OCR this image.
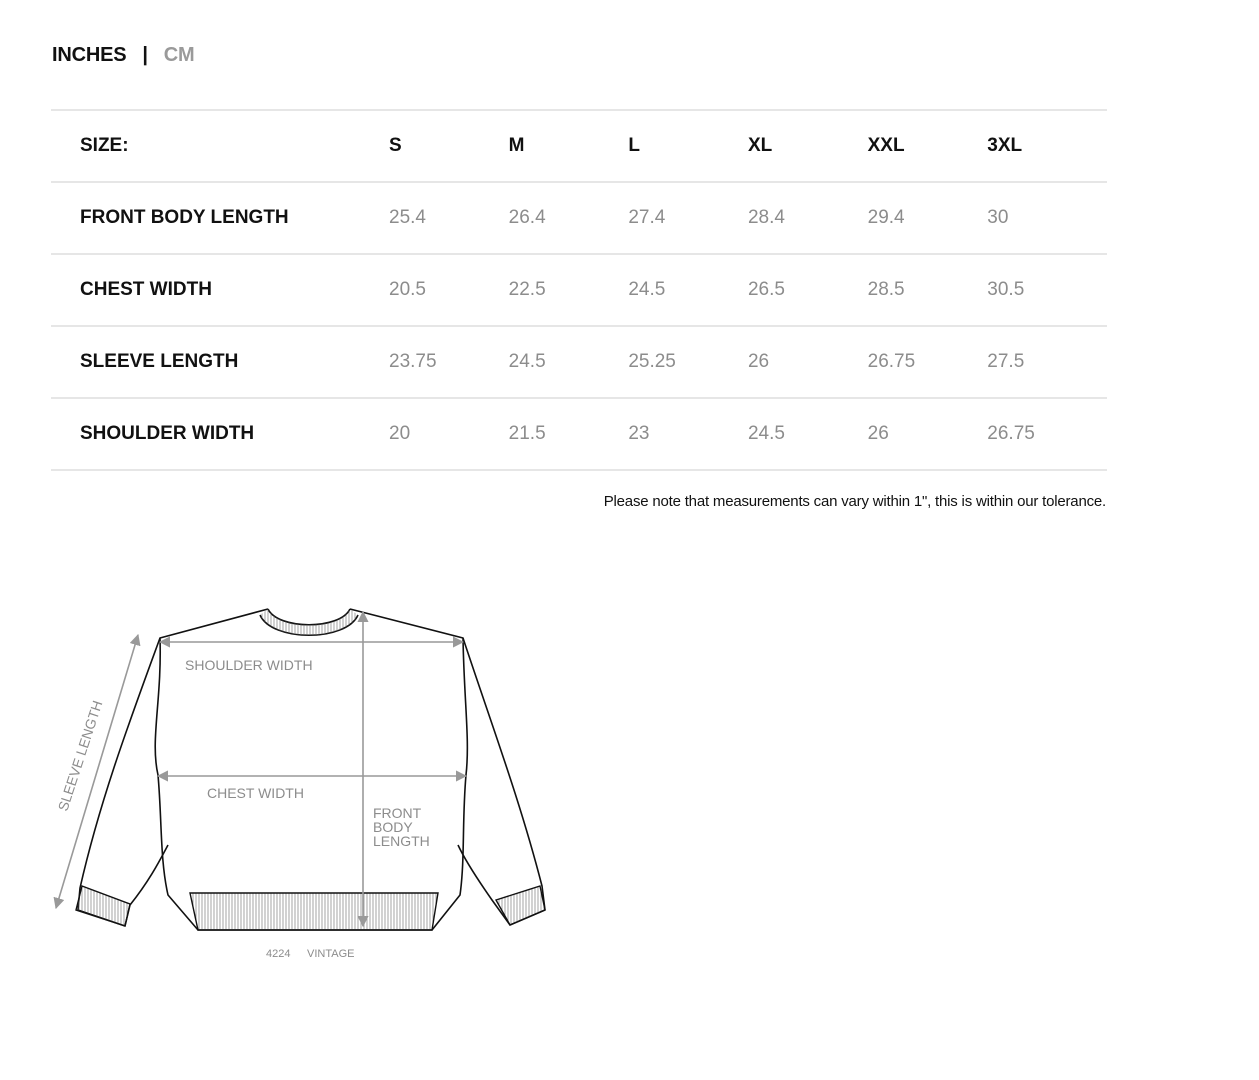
INCHES | CM
SIZE:	S	M	L	XL	XXL	3XL
FRONT BODY LENGTH	25.4	26.4	27.4	28.4	29.4	30
CHEST WIDTH	20.5	22.5	24.5	26.5	28.5	30.5
SLEEVE LENGTH	23.75	24.5	25.25	26	26.75	27.5
SHOULDER WIDTH	20	21.5	23	24.5	26	26.75
Please note that measurements can vary within 1", this is within our tolerance.
SHOULDER WIDTH
CHEST WIDTH
SLEEVE LENGTH
FRONT BODY LENGTH
4224 VINTAGE
